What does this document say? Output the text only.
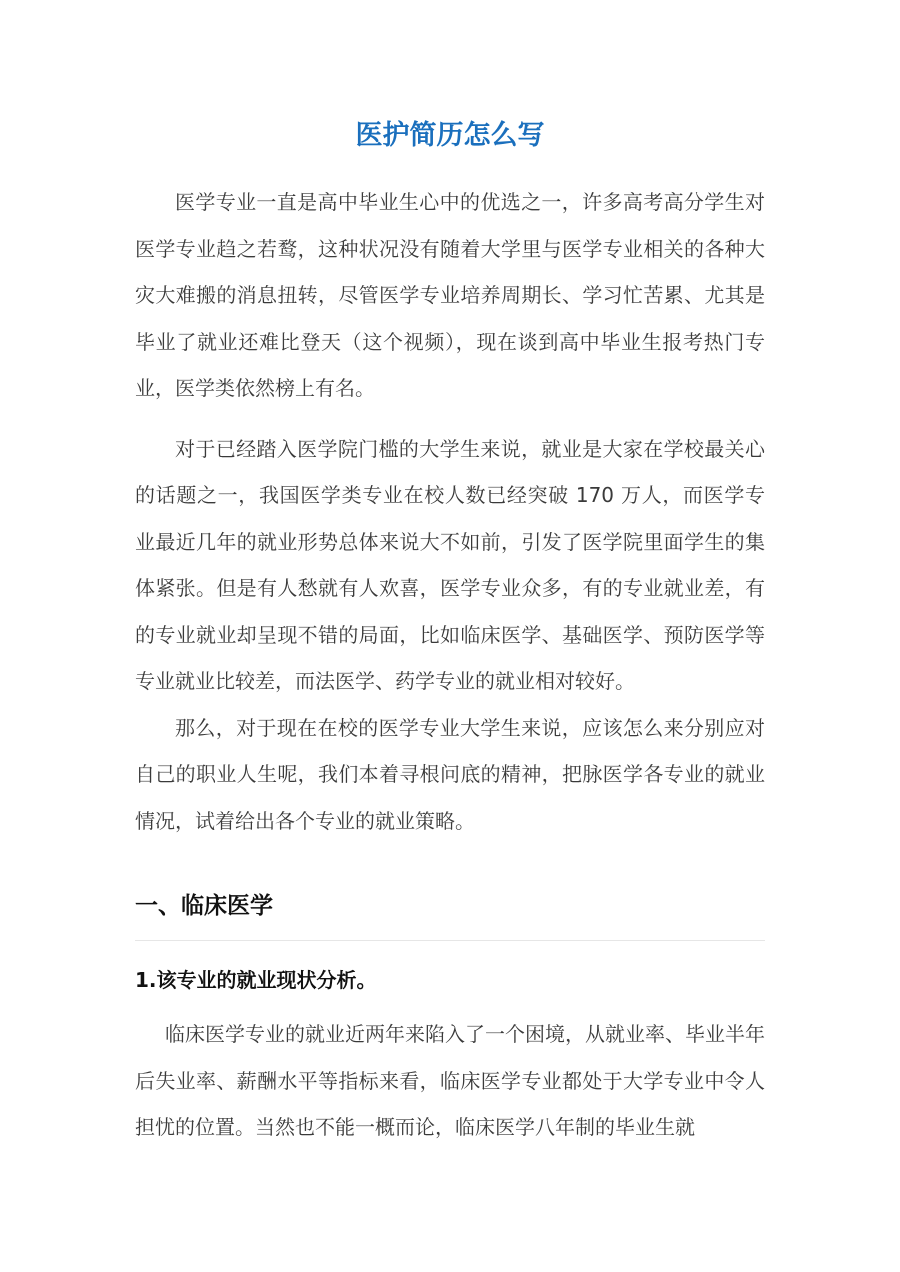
医护简历怎么写

医学专业一直是高中毕业生心中的优选之一，许多高考高分学生对医学专业趋之若鹜，这种状况没有随着大学里与医学专业相关的各种大灾大难搬的消息扭转，尽管医学专业培养周期长、学习忙苦累、尤其是毕业了就业还难比登天（这个视频），现在谈到高中毕业生报考热门专业，医学类依然榜上有名。

对于已经踏入医学院门槛的大学生来说，就业是大家在学校最关心的话题之一，我国医学类专业在校人数已经突破 170 万人，而医学专业最近几年的就业形势总体来说大不如前，引发了医学院里面学生的集体紧张。但是有人愁就有人欢喜，医学专业众多，有的专业就业差，有的专业就业却呈现不错的局面，比如临床医学、基础医学、预防医学等专业就业比较差，而法医学、药学专业的就业相对较好。

那么，对于现在在校的医学专业大学生来说，应该怎么来分别应对自己的职业人生呢，我们本着寻根问底的精神，把脉医学各专业的就业情况，试着给出各个专业的就业策略。

一、临床医学
1.该专业的就业现状分析。

临床医学专业的就业近两年来陷入了一个困境，从就业率、毕业半年后失业率、薪酬水平等指标来看，临床医学专业都处于大学专业中令人担忧的位置。当然也不能一概而论，临床医学八年制的毕业生就
